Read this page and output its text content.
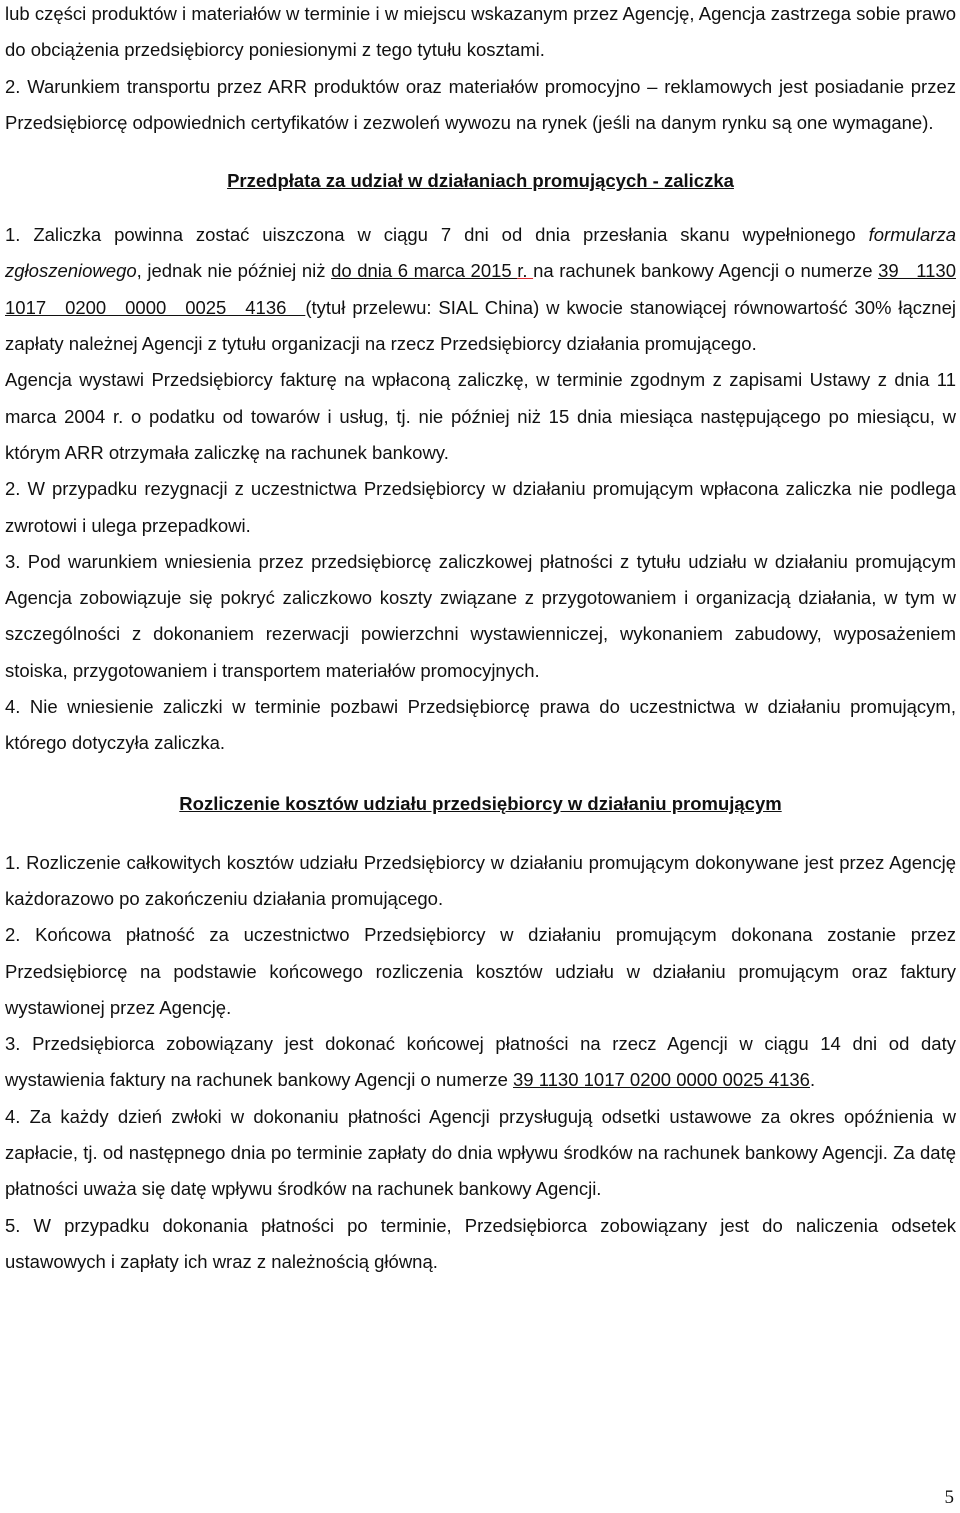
lub części produktów i materiałów w terminie i w miejscu wskazanym przez Agencję, Agencja zastrzega sobie prawo do obciążenia przedsiębiorcy poniesionymi z tego tytułu kosztami.

2. Warunkiem transportu przez ARR produktów oraz materiałów promocyjno – reklamowych jest posiadanie przez Przedsiębiorcę odpowiednich certyfikatów i zezwoleń wywozu na rynek (jeśli na danym rynku są one wymagane).

Przedpłata za udział w działaniach promujących - zaliczka

1. Zaliczka powinna zostać uiszczona w ciągu 7 dni od dnia przesłania skanu wypełnionego formularza zgłoszeniowego, jednak nie później niż do dnia 6 marca 2015 r. na rachunek bankowy Agencji o numerze 39 1130 1017 0200 0000 0025 4136 (tytuł przelewu: SIAL China) w kwocie stanowiącej równowartość 30% łącznej zapłaty należnej Agencji z tytułu organizacji na rzecz Przedsiębiorcy działania promującego.

Agencja wystawi Przedsiębiorcy fakturę na wpłaconą zaliczkę, w terminie zgodnym z zapisami Ustawy z dnia 11 marca 2004 r. o podatku od towarów i usług, tj. nie później niż 15 dnia miesiąca następującego po miesiącu, w którym ARR otrzymała zaliczkę na rachunek bankowy.

2. W przypadku rezygnacji z uczestnictwa Przedsiębiorcy w działaniu promującym wpłacona zaliczka nie podlega zwrotowi i ulega przepadkowi.

3. Pod warunkiem wniesienia przez przedsiębiorcę zaliczkowej płatności z tytułu udziału w działaniu promującym Agencja zobowiązuje się pokryć zaliczkowo koszty związane z przygotowaniem i organizacją działania, w tym w szczególności z dokonaniem rezerwacji powierzchni wystawienniczej, wykonaniem zabudowy, wyposażeniem stoiska, przygotowaniem i transportem materiałów promocyjnych.

4. Nie wniesienie zaliczki w terminie pozbawi Przedsiębiorcę prawa do uczestnictwa w działaniu promującym, którego dotyczyła zaliczka.

Rozliczenie kosztów udziału przedsiębiorcy w działaniu promującym

1. Rozliczenie całkowitych kosztów udziału Przedsiębiorcy w działaniu promującym dokonywane jest przez Agencję każdorazowo po zakończeniu działania promującego.

2. Końcowa płatność za uczestnictwo Przedsiębiorcy w działaniu promującym dokonana zostanie przez Przedsiębiorcę na podstawie końcowego rozliczenia kosztów udziału w działaniu promującym oraz faktury wystawionej przez Agencję.

3. Przedsiębiorca zobowiązany jest dokonać końcowej płatności na rzecz Agencji w ciągu 14 dni od daty wystawienia faktury na rachunek bankowy Agencji o numerze 39 1130 1017 0200 0000 0025 4136.

4. Za każdy dzień zwłoki w dokonaniu płatności Agencji przysługują odsetki ustawowe za okres opóźnienia w zapłacie, tj. od następnego dnia po terminie zapłaty do dnia wpływu środków na rachunek bankowy Agencji. Za datę płatności uważa się datę wpływu środków na rachunek bankowy Agencji.

5. W przypadku dokonania płatności po terminie, Przedsiębiorca zobowiązany jest do naliczenia odsetek ustawowych i zapłaty ich wraz z należnością główną.

5
